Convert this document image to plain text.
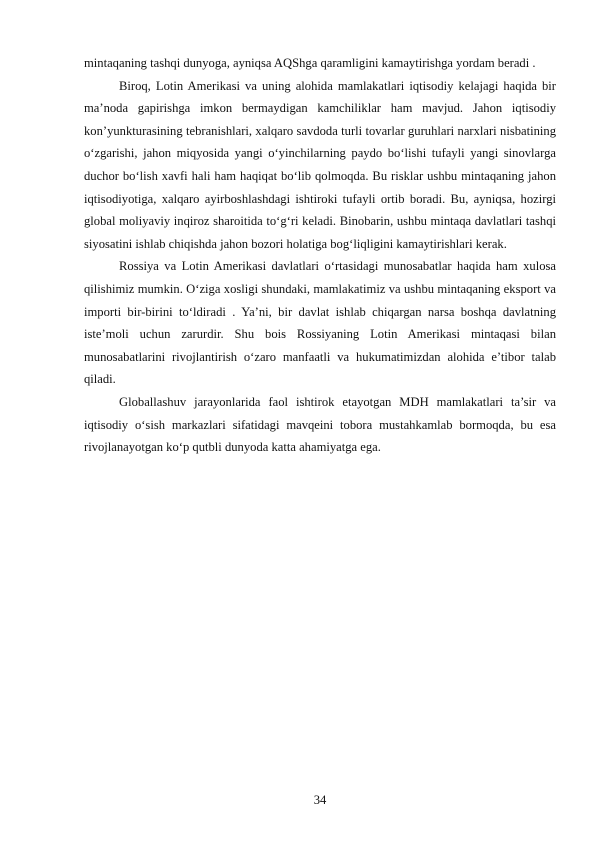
mintaqaning tashqi dunyoga, ayniqsa AQShga qaramligini kamaytirishga yordam beradi .

Biroq, Lotin Amerikasi va uning alohida mamlakatlari iqtisodiy kelajagi haqida bir ma’noda gapirishga imkon bermaydigan kamchiliklar ham mavjud. Jahon iqtisodiy kon’yunkturasining tebranishlari, xalqaro savdoda turli tovarlar guruhlari narxlari nisbatining o‘zgarishi, jahon miqyosida yangi o‘yinchilarning paydo bo‘lishi tufayli yangi sinovlarga duchor bo‘lish xavfi hali ham haqiqat bo‘lib qolmoqda. Bu risklar ushbu mintaqaning jahon iqtisodiyotiga, xalqaro ayirboshlashdagi ishtiroki tufayli ortib boradi. Bu, ayniqsa, hozirgi global moliyaviy inqiroz sharoitida to‘g‘ri keladi. Binobarin, ushbu mintaqa davlatlari tashqi siyosatini ishlab chiqishda jahon bozori holatiga bog‘liqligini kamaytirishlari kerak.

Rossiya va Lotin Amerikasi davlatlari o‘rtasidagi munosabatlar haqida ham xulosa qilishimiz mumkin. O‘ziga xosligi shundaki, mamlakatimiz va ushbu mintaqaning eksport va importi bir-birini to‘ldiradi . Ya’ni, bir davlat ishlab chiqargan narsa boshqa davlatning iste’moli uchun zarurdir. Shu bois Rossiyaning Lotin Amerikasi mintaqasi bilan munosabatlarini rivojlantirish o‘zaro manfaatli va hukumatimizdan alohida e’tibor talab qiladi.

Globallashuv jarayonlarida faol ishtirok etayotgan MDH mamlakatlari ta’sir va iqtisodiy o‘sish markazlari sifatidagi mavqeini tobora mustahkamlab bormoqda, bu esa rivojlanayotgan ko‘p qutbli dunyoda katta ahamiyatga ega.

34
